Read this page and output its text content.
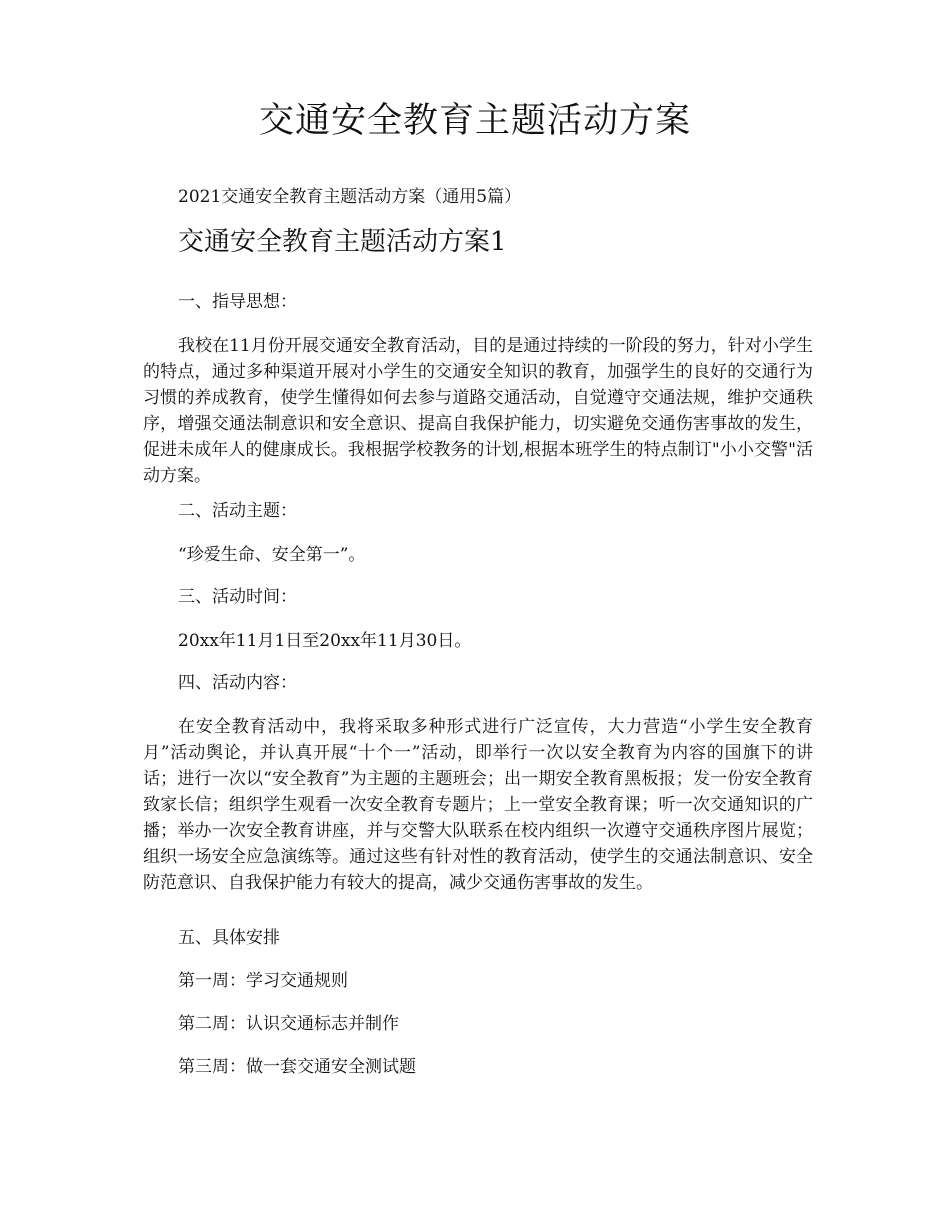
交通安全教育主题活动方案

2021交通安全教育主题活动方案（通用5篇）

交通安全教育主题活动方案1

一、指导思想：

我校在11月份开展交通安全教育活动，目的是通过持续的一阶段的努力，针对小学生的特点，通过多种渠道开展对小学生的交通安全知识的教育，加强学生的良好的交通行为习惯的养成教育，使学生懂得如何去参与道路交通活动，自觉遵守交通法规，维护交通秩序，增强交通法制意识和安全意识、提高自我保护能力，切实避免交通伤害事故的发生，促进未成年人的健康成长。我根据学校教务的计划,根据本班学生的特点制订"小小交警"活动方案。

二、活动主题：

“珍爱生命、安全第一”。

三、活动时间：

20xx年11月1日至20xx年11月30日。

四、活动内容：

在安全教育活动中，我将采取多种形式进行广泛宣传，大力营造“小学生安全教育月”活动舆论，并认真开展“十个一”活动，即举行一次以安全教育为内容的国旗下的讲话；进行一次以“安全教育”为主题的主题班会；出一期安全教育黑板报；发一份安全教育致家长信；组织学生观看一次安全教育专题片；上一堂安全教育课；听一次交通知识的广播；举办一次安全教育讲座，并与交警大队联系在校内组织一次遵守交通秩序图片展览；组织一场安全应急演练等。通过这些有针对性的教育活动，使学生的交通法制意识、安全防范意识、自我保护能力有较大的提高，减少交通伤害事故的发生。

五、具体安排

第一周：学习交通规则

第二周：认识交通标志并制作

第三周：做一套交通安全测试题
